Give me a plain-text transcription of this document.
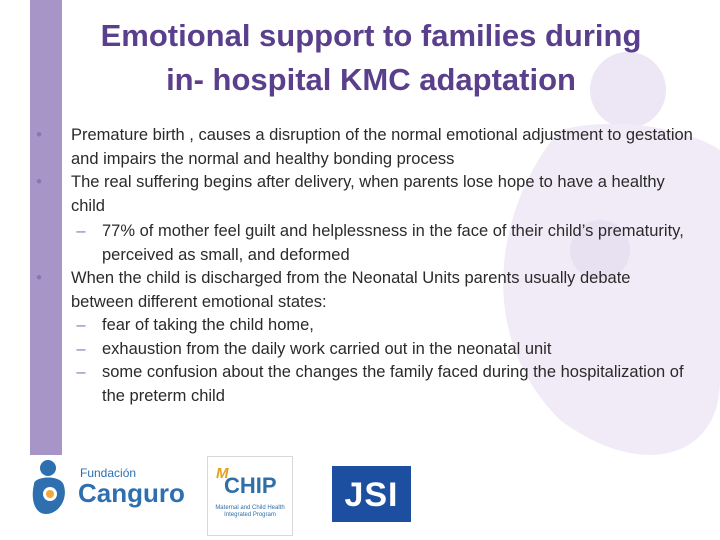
Emotional support to families during
in- hospital KMC adaptation
•	Premature birth , causes a disruption of the normal emotional adjustment to gestation and impairs the normal and healthy bonding process
•	The real suffering begins after delivery, when parents lose hope to have a healthy child
– 77% of mother feel guilt and helplessness in the face of their child’s prematurity, perceived as small, and deformed
•	When the child is discharged from the Neonatal Units parents usually debate between different emotional states:
– fear of taking the child home,
– exhaustion from the daily work carried out in the neonatal unit
– some confusion about the changes the family faced during the hospitalization of the preterm child
Fundación
Canguro
M
CHIP
Maternal and Child Health Integrated Program
JSI
